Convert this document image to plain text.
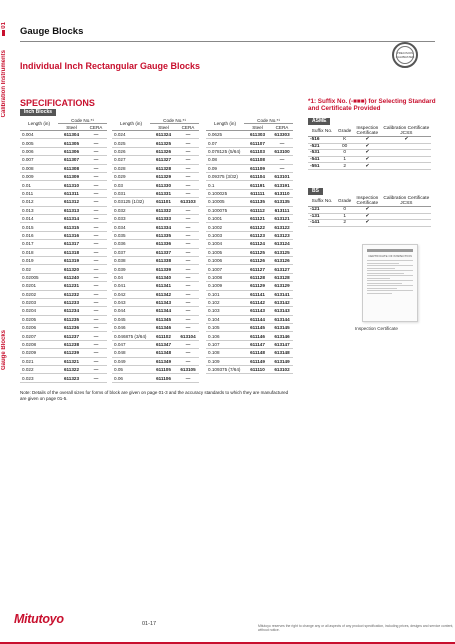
01
Calibration Instruments
Gauge Blocks
Gauge Blocks
PRECISION CALIBRATED
Individual Inch Rectangular Gauge Blocks
SPECIFICATIONS
Inch Blocks
Length (in)	Code No.*¹	
	Steel	CERA
0.004	611304	—
0.005	611305	—
0.006	611306	—
0.007	611307	—
0.008	611308	—
0.009	611309	—
0.01	611310	—
0.011	611311	—
0.012	611312	—
0.013	611313	—
0.014	611314	—
0.015	611315	—
0.016	611316	—
0.017	611317	—
0.018	611318	—
0.019	611319	—
0.02	611320	—
0.02005	611240	—
0.0201	611231	—
0.0202	611232	—
0.0203	611233	—
0.0204	611234	—
0.0205	611235	—
0.0206	611236	—
0.0207	611237	—
0.0208	611238	—
0.0209	611239	—
0.021	611321	—
0.022	611322	—
0.023	611323	—
Length (in)	Code No.*¹	
	Steel	CERA
0.024	611324	—
0.025	611325	—
0.026	611326	—
0.027	611327	—
0.028	611328	—
0.029	611329	—
0.03	611330	—
0.031	611331	—
0.03125 (1/32)	611101	613103
0.032	611332	—
0.033	611333	—
0.034	611334	—
0.035	611335	—
0.036	611336	—
0.037	611337	—
0.038	611338	—
0.039	611339	—
0.04	611340	—
0.041	611341	—
0.042	611342	—
0.043	611343	—
0.044	611344	—
0.045	611345	—
0.046	611346	—
0.046875 (3/64)	611102	613104
0.047	611347	—
0.048	611348	—
0.049	611349	—
0.05	611105	613105
0.06	611106	—
Length (in)	Code No.*¹	
	Steel	CERA
0.0625	611303	613303
0.07	611107	—
0.078125 (5/64)	611103	613100
0.08	611108	—
0.09	611109	—
0.09375 (3/32)	611104	613101
0.1	611191	613191
0.100025	611111	613110
0.10005	611135	613135
0.100075	611112	613111
0.1001	611121	613121
0.1002	611122	613122
0.1003	611123	613123
0.1004	611124	613124
0.1005	611125	613125
0.1006	611126	613126
0.1007	611127	613127
0.1008	611128	613128
0.1009	611129	613129
0.101	611141	613141
0.102	611142	613142
0.103	611143	613143
0.104	611144	613144
0.105	611145	613145
0.106	611146	613146
0.107	611147	613147
0.108	611148	613148
0.109	611149	613149
0.109375 (7/64)	611110	613102
Note: Details of the overall sizes for forms of block are given on page 01-3 and the accuracy standards to which they are manufactured are given on page 01-5.
*1: Suffix No. (-■■■) for Selecting Standard and Certificate Provided
ASME
Suffix No.	Grade	Inspection Certificate	Calibration Certificate JCSS
-516	K	✔	✔
-521	00	✔	
-531	0	✔	
-541	1	✔	
-551	2	✔	
BS
Suffix No.	Grade	Inspection Certificate	Calibration Certificate JCSS
-121	0	✔	
-131	1	✔	
-141	2	✔	
CERTIFICATE OF INSPECTION
Inspection Certificate
Mitutoyo	01-17	Mitutoyo reserves the right to change any or all aspects of any product specification, including prices, designs and service content, without notice.
